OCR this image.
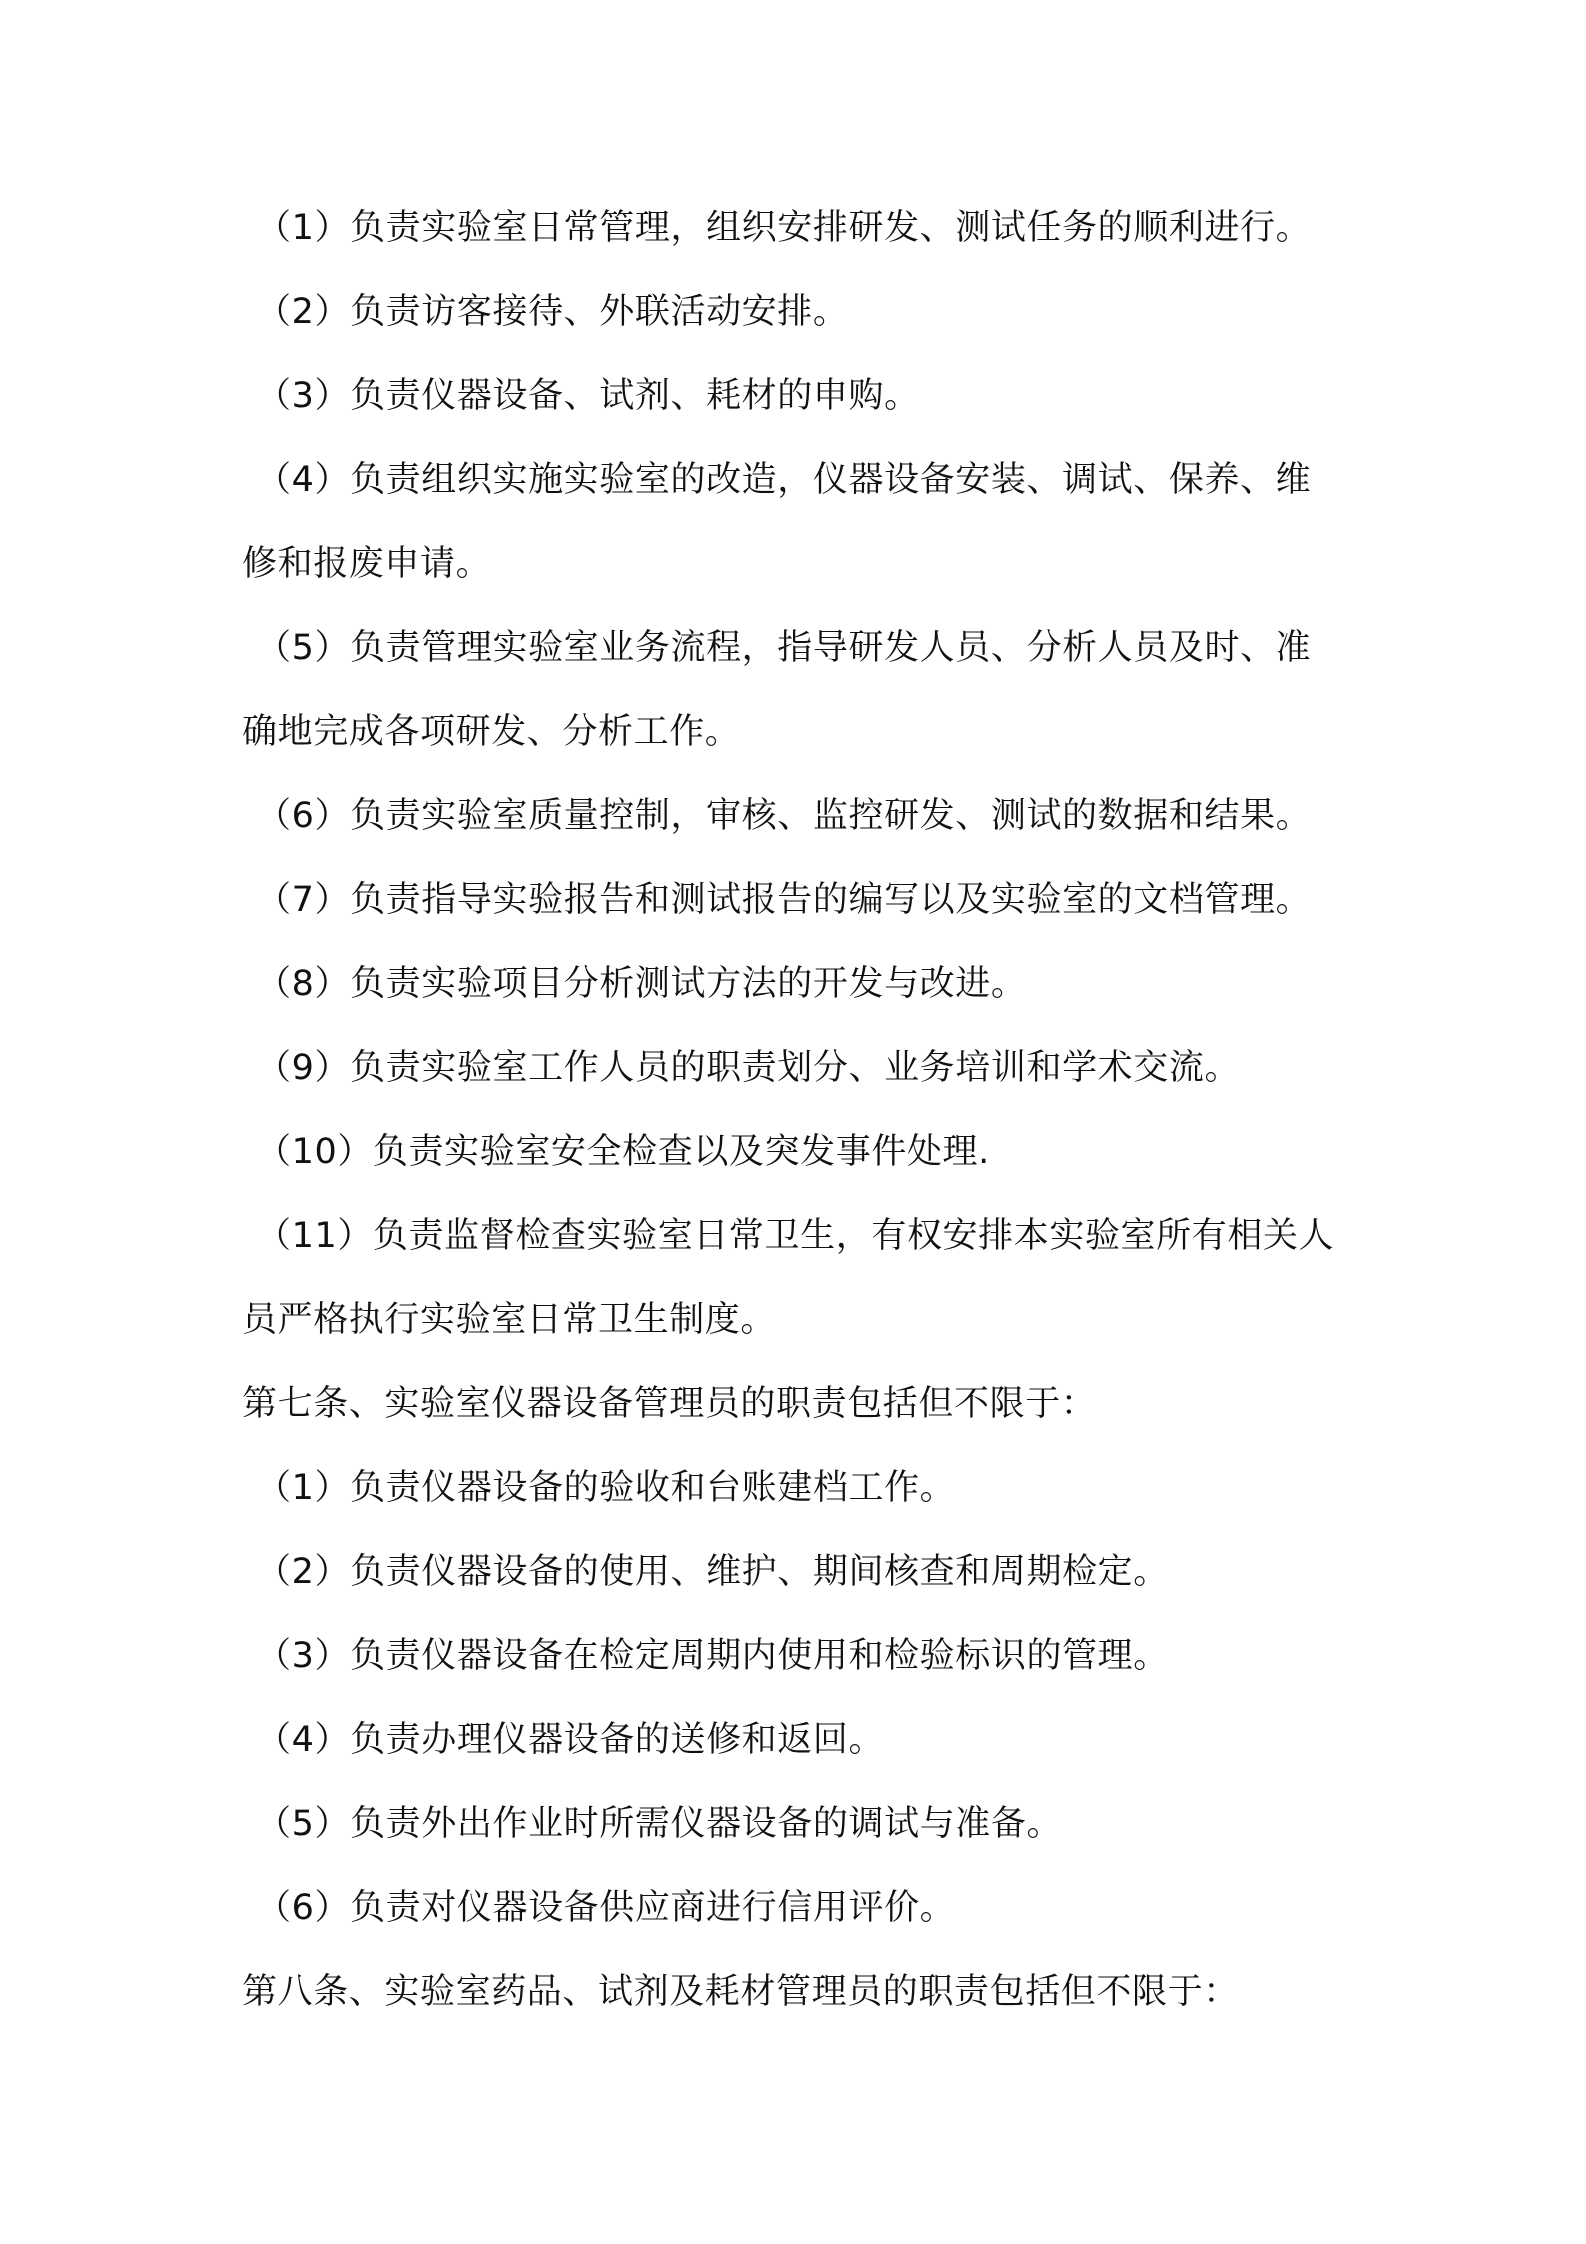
（1）负责实验室日常管理，组织安排研发、测试任务的顺利进行。

（2）负责访客接待、外联活动安排。

（3）负责仪器设备、试剂、耗材的申购。

（4）负责组织实施实验室的改造，仪器设备安装、调试、保养、维

修和报废申请。

（5）负责管理实验室业务流程，指导研发人员、分析人员及时、准

确地完成各项研发、分析工作。

（6）负责实验室质量控制，审核、监控研发、测试的数据和结果。

（7）负责指导实验报告和测试报告的编写以及实验室的文档管理。

（8）负责实验项目分析测试方法的开发与改进。

（9）负责实验室工作人员的职责划分、业务培训和学术交流。

（10）负责实验室安全检查以及突发事件处理.

（11）负责监督检查实验室日常卫生，有权安排本实验室所有相关人

员严格执行实验室日常卫生制度。

第七条、实验室仪器设备管理员的职责包括但不限于：

（1）负责仪器设备的验收和台账建档工作。

（2）负责仪器设备的使用、维护、期间核查和周期检定。

（3）负责仪器设备在检定周期内使用和检验标识的管理。

（4）负责办理仪器设备的送修和返回。

（5）负责外出作业时所需仪器设备的调试与准备。

（6）负责对仪器设备供应商进行信用评价。

第八条、实验室药品、试剂及耗材管理员的职责包括但不限于：
